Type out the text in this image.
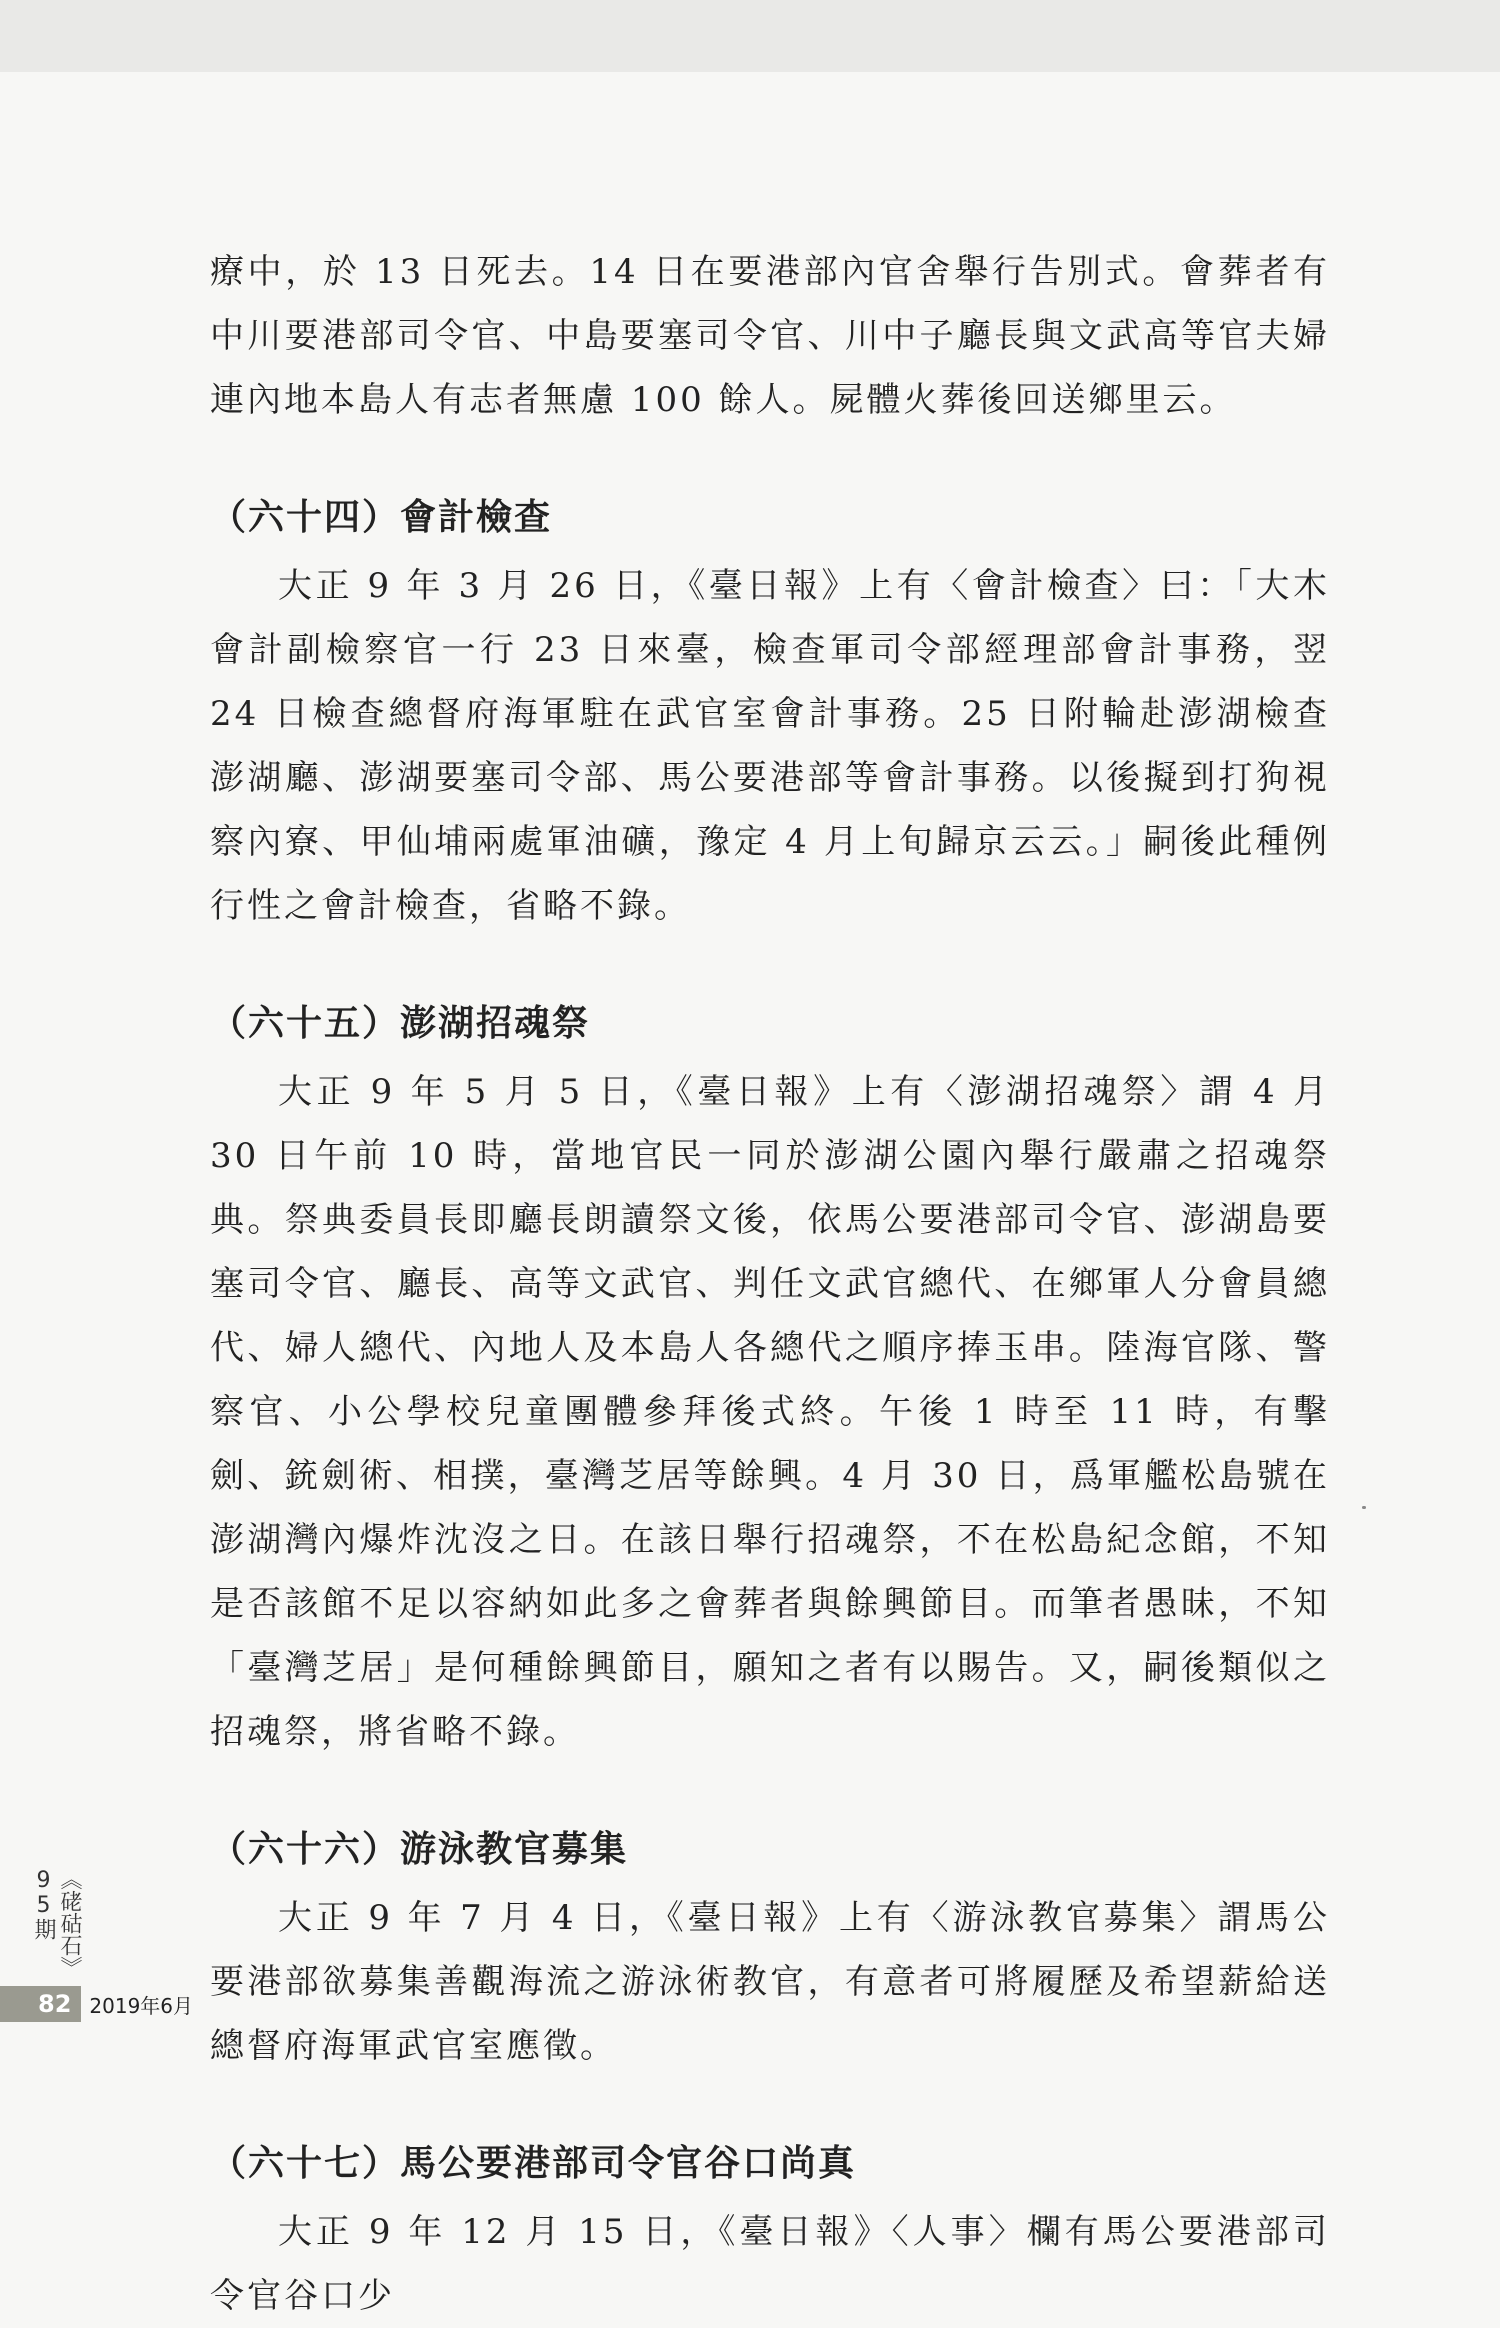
療中，於 13 日死去。14 日在要港部內官舍舉行告別式。會葬者有中川要港部司令官、中島要塞司令官、川中子廳長與文武高等官夫婦連內地本島人有志者無慮 100 餘人。屍體火葬後回送鄉里云。

（六十四）會計檢查

大正 9 年 3 月 26 日，《臺日報》上有〈會計檢查〉曰：「大木會計副檢察官一行 23 日來臺，檢查軍司令部經理部會計事務，翌 24 日檢查總督府海軍駐在武官室會計事務。25 日附輪赴澎湖檢查澎湖廳、澎湖要塞司令部、馬公要港部等會計事務。以後擬到打狗視察內寮、甲仙埔兩處軍油礦，豫定 4 月上旬歸京云云。」嗣後此種例行性之會計檢查，省略不錄。

（六十五）澎湖招魂祭

大正 9 年 5 月 5 日，《臺日報》上有〈澎湖招魂祭〉謂 4 月 30 日午前 10 時，當地官民一同於澎湖公園內舉行嚴肅之招魂祭典。祭典委員長即廳長朗讀祭文後，依馬公要港部司令官、澎湖島要塞司令官、廳長、高等文武官、判任文武官總代、在鄉軍人分會員總代、婦人總代、內地人及本島人各總代之順序捧玉串。陸海官隊、警察官、小公學校兒童團體參拜後式終。午後 1 時至 11 時，有擊劍、銃劍術、相撲，臺灣芝居等餘興。4 月 30 日，爲軍艦松島號在澎湖灣內爆炸沈沒之日。在該日舉行招魂祭，不在松島紀念館，不知是否該館不足以容納如此多之會葬者與餘興節目。而筆者愚昧，不知「臺灣芝居」是何種餘興節目，願知之者有以賜告。又，嗣後類似之招魂祭，將省略不錄。

（六十六）游泳教官募集

大正 9 年 7 月 4 日，《臺日報》上有〈游泳教官募集〉謂馬公要港部欲募集善觀海流之游泳術教官，有意者可將履歷及希望薪給送總督府海軍武官室應徵。

（六十七）馬公要港部司令官谷口尚真

大正 9 年 12 月 15 日，《臺日報》〈人事〉欄有馬公要港部司令官谷口少

《硓𥑮石》95期
82 2019年6月
